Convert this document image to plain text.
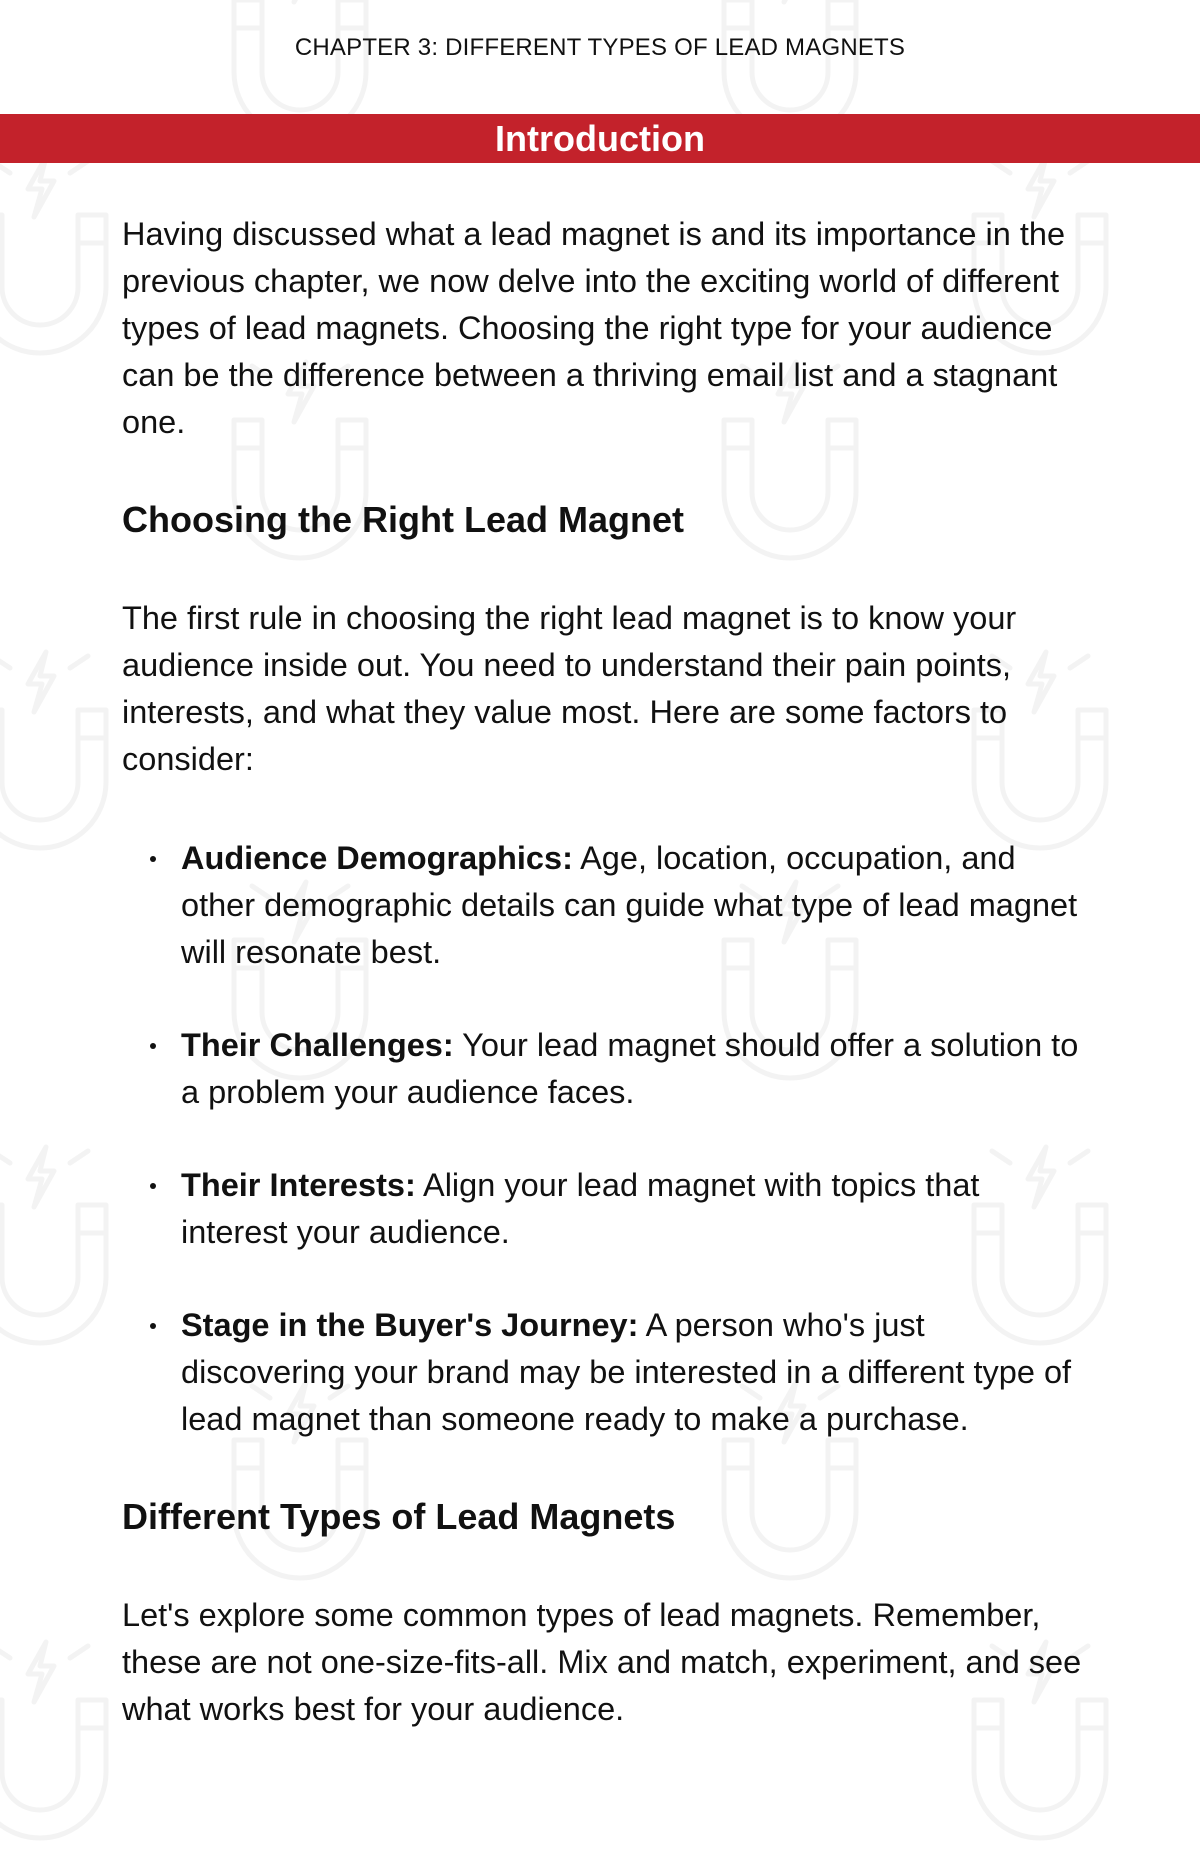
CHAPTER 3: DIFFERENT TYPES OF LEAD MAGNETS
Introduction

Having discussed what a lead magnet is and its importance in the previous chapter, we now delve into the exciting world of different types of lead magnets. Choosing the right type for your audience can be the difference between a thriving email list and a stagnant one.

Choosing the Right Lead Magnet

The first rule in choosing the right lead magnet is to know your audience inside out. You need to understand their pain points, interests, and what they value most. Here are some factors to consider:

Audience Demographics: Age, location, occupation, and other demographic details can guide what type of lead magnet will resonate best.
Their Challenges: Your lead magnet should offer a solution to a problem your audience faces.
Their Interests: Align your lead magnet with topics that interest your audience.
Stage in the Buyer's Journey: A person who's just discovering your brand may be interested in a different type of lead magnet than someone ready to make a purchase.
Different Types of Lead Magnets

Let's explore some common types of lead magnets. Remember, these are not one-size-fits-all. Mix and match, experiment, and see what works best for your audience.
